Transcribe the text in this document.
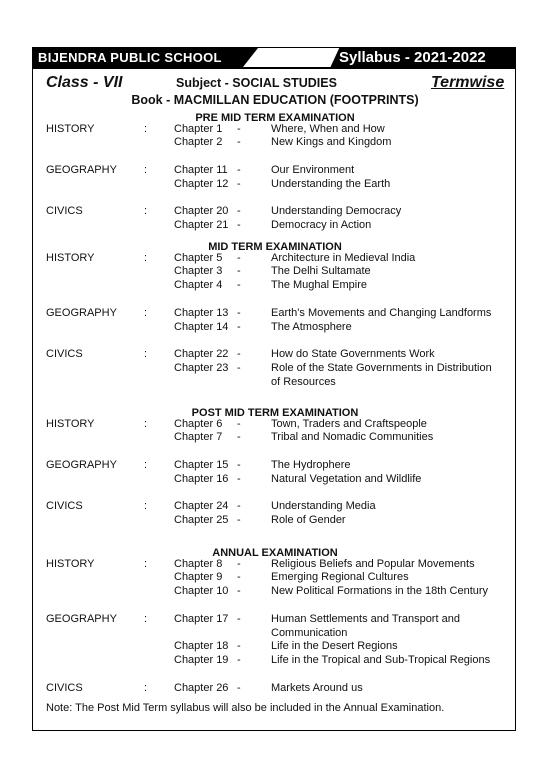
BIJENDRA PUBLIC SCHOOL	Syllabus - 2021-2022
Class - VII	Subject - SOCIAL STUDIES	Termwise
Book - MACMILLAN EDUCATION (FOOTPRINTS)
PRE MID TERM EXAMINATION
HISTORY	: Chapter 1 -	Where, When and How
Chapter 2 -	New Kings and Kingdom
GEOGRAPHY : Chapter 11 -	Our Environment
Chapter 12 -	Understanding the Earth
CIVICS	: Chapter 20 -	Understanding Democracy
Chapter 21 -	Democracy in Action
MID TERM EXAMINATION
HISTORY	: Chapter 5 -	Architecture in Medieval India
Chapter 3 -	The Delhi Sultamate
Chapter 4 -	The Mughal Empire
GEOGRAPHY : Chapter 13 -	Earth's Movements and Changing Landforms
Chapter 14 -	The Atmosphere
CIVICS	: Chapter 22 -	How do State Governments Work
Chapter 23 -	Role of the State Governments in Distribution
of Resources
POST MID TERM EXAMINATION
HISTORY	: Chapter 6 -	Town, Traders and Craftspeople
Chapter 7 -	Tribal and Nomadic Communities
GEOGRAPHY : Chapter 15 -	The Hydrophere
Chapter 16 -	Natural Vegetation and Wildlife
CIVICS	: Chapter 24 -	Understanding Media
Chapter 25 -	Role of Gender
ANNUAL EXAMINATION
HISTORY	: Chapter 8 -	Religious Beliefs and Popular Movements
Chapter 9 -	Emerging Regional Cultures
Chapter 10 -	New Political Formations in the 18th Century
GEOGRAPHY : Chapter 17 -	Human Settlements and Transport and
Communication
Chapter 18 -	Life in the Desert Regions
Chapter 19 -	Life in the Tropical and Sub-Tropical Regions
CIVICS	: Chapter 26 -	Markets Around us
Note: The Post Mid Term syllabus will also be included in the Annual Examination.
